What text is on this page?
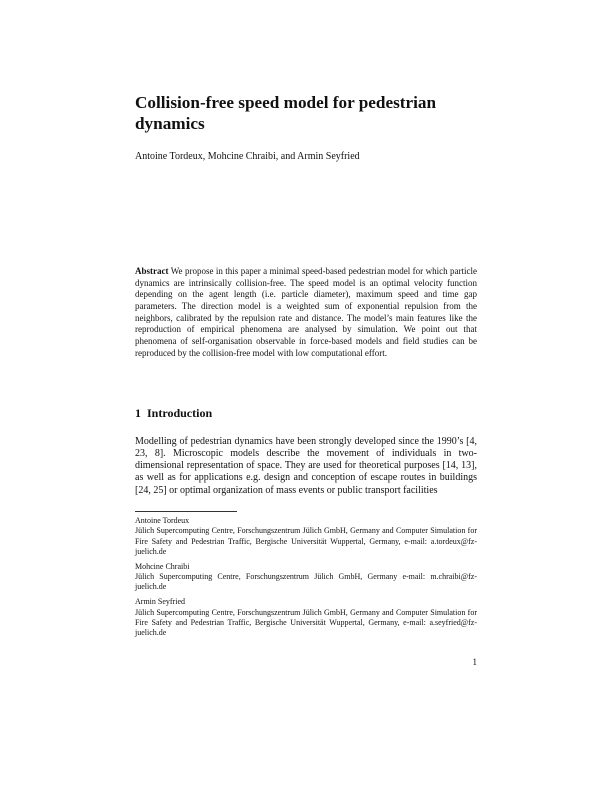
Collision-free speed model for pedestrian dynamics
Antoine Tordeux, Mohcine Chraibi, and Armin Seyfried

Abstract We propose in this paper a minimal speed-based pedestrian model for which particle dynamics are intrinsically collision-free. The speed model is an optimal velocity function depending on the agent length (i.e. particle diameter), maximum speed and time gap parameters. The direction model is a weighted sum of exponential repulsion from the neighbors, calibrated by the repulsion rate and distance. The model’s main features like the reproduction of empirical phenomena are analysed by simulation. We point out that phenomena of self-organisation observable in force-based models and field studies can be reproduced by the collision-free model with low computational effort.

1 Introduction

Modelling of pedestrian dynamics have been strongly developed since the 1990’s [4, 23, 8]. Microscopic models describe the movement of individuals in two-dimensional representation of space. They are used for theoretical purposes [14, 13], as well as for applications e.g. design and conception of escape routes in buildings [24, 25] or optimal organization of mass events or public transport facilities

Antoine Tordeux
Jülich Supercomputing Centre, Forschungszentrum Jülich GmbH, Germany and Computer Simulation for Fire Safety and Pedestrian Traffic, Bergische Universität Wuppertal, Germany, e-mail: a.tordeux@fz-juelich.de
Mohcine Chraibi
Jülich Supercomputing Centre, Forschungszentrum Jülich GmbH, Germany e-mail: m.chraibi@fz-juelich.de
Armin Seyfried
Jülich Supercomputing Centre, Forschungszentrum Jülich GmbH, Germany and Computer Simulation for Fire Safety and Pedestrian Traffic, Bergische Universität Wuppertal, Germany, e-mail: a.seyfried@fz-juelich.de
1
